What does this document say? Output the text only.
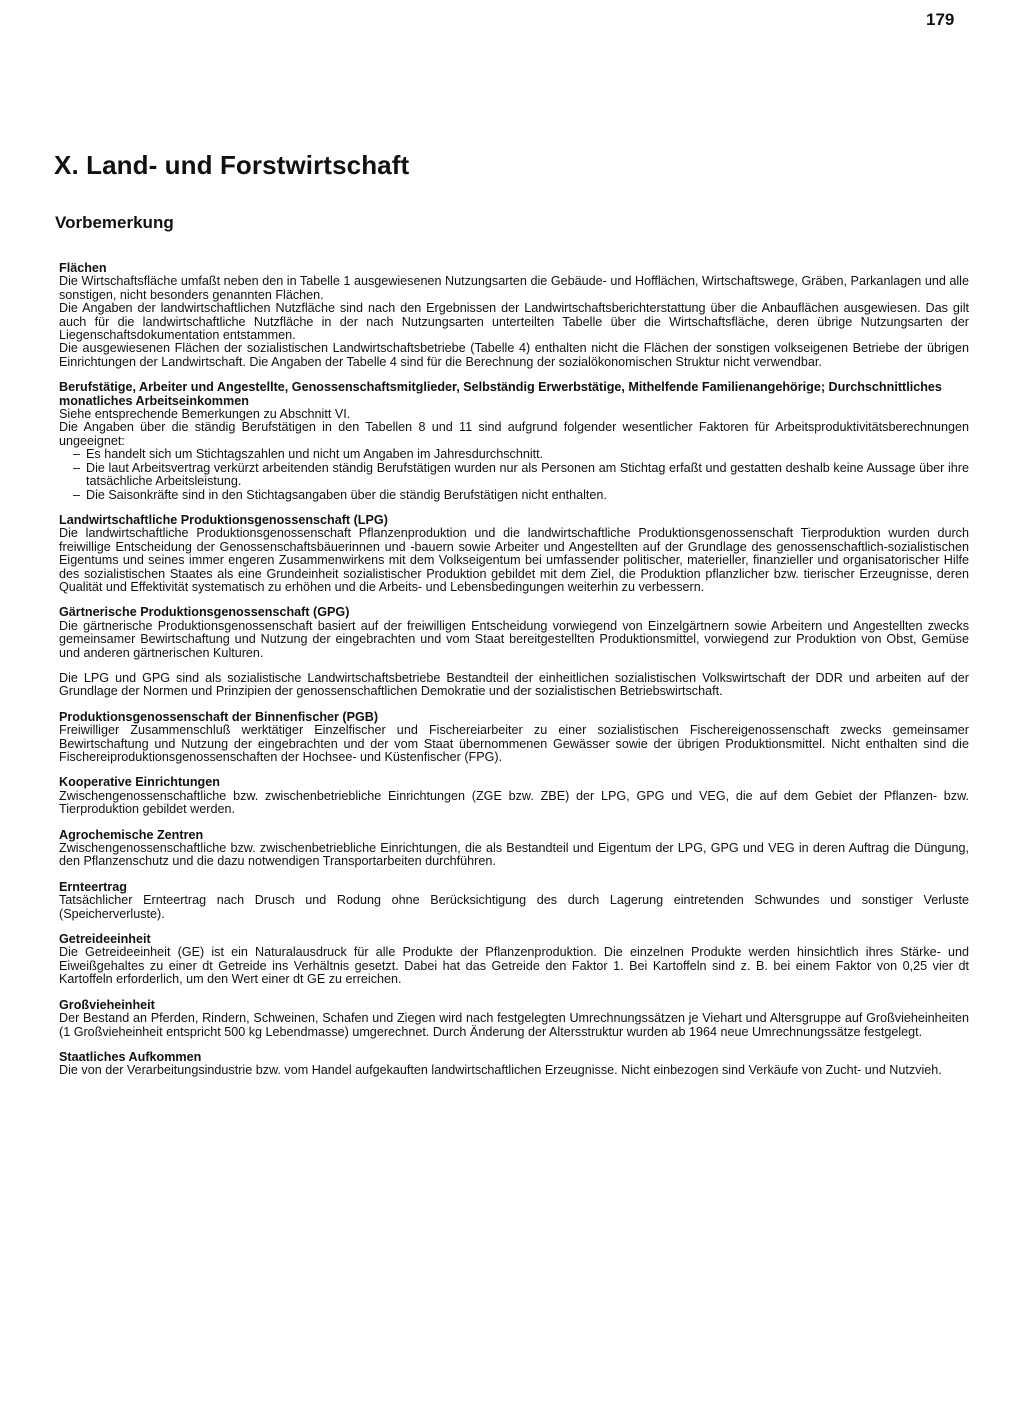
179
X. Land- und Forstwirtschaft
Vorbemerkung
Flächen

Die Wirtschaftsfläche umfaßt neben den in Tabelle 1 ausgewiesenen Nutzungsarten die Gebäude- und Hofflächen, Wirtschaftswege, Gräben, Parkanlagen und alle sonstigen, nicht besonders genannten Flächen.

Die Angaben der landwirtschaftlichen Nutzfläche sind nach den Ergebnissen der Landwirtschaftsberichterstattung über die Anbauflächen ausgewiesen. Das gilt auch für die landwirtschaftliche Nutzfläche in der nach Nutzungsarten unterteilten Tabelle über die Wirtschaftsfläche, deren übrige Nutzungsarten der Liegenschaftsdokumentation entstammen.

Die ausgewiesenen Flächen der sozialistischen Landwirtschaftsbetriebe (Tabelle 4) enthalten nicht die Flächen der sonstigen volkseigenen Betriebe der übrigen Einrichtungen der Landwirtschaft. Die Angaben der Tabelle 4 sind für die Berechnung der sozialökonomischen Struktur nicht verwendbar.

Berufstätige, Arbeiter und Angestellte, Genossenschaftsmitglieder, Selbständig Erwerbstätige, Mithelfende Familienangehörige; Durchschnittliches monatliches Arbeitseinkommen

Siehe entsprechende Bemerkungen zu Abschnitt VI.

Die Angaben über die ständig Berufstätigen in den Tabellen 8 und 11 sind aufgrund folgender wesentlicher Faktoren für Arbeitsproduktivitätsberechnungen ungeeignet:

– Es handelt sich um Stichtagszahlen und nicht um Angaben im Jahresdurchschnitt.
– Die laut Arbeitsvertrag verkürzt arbeitenden ständig Berufstätigen wurden nur als Personen am Stichtag erfaßt und gestatten deshalb keine Aussage über ihre tatsächliche Arbeitsleistung.
– Die Saisonkräfte sind in den Stichtagsangaben über die ständig Berufstätigen nicht enthalten.
Landwirtschaftliche Produktionsgenossenschaft (LPG)

Die landwirtschaftliche Produktionsgenossenschaft Pflanzenproduktion und die landwirtschaftliche Produktionsgenossenschaft Tierproduktion wurden durch freiwillige Entscheidung der Genossenschaftsbäuerinnen und -bauern sowie Arbeiter und Angestellten auf der Grundlage des genossenschaftlich-sozialistischen Eigentums und seines immer engeren Zusammenwirkens mit dem Volkseigentum bei umfassender politischer, materieller, finanzieller und organisatorischer Hilfe des sozialistischen Staates als eine Grundeinheit sozialistischer Produktion gebildet mit dem Ziel, die Produktion pflanzlicher bzw. tierischer Erzeugnisse, deren Qualität und Effektivität systematisch zu erhöhen und die Arbeits- und Lebensbedingungen weiterhin zu verbessern.

Gärtnerische Produktionsgenossenschaft (GPG)

Die gärtnerische Produktionsgenossenschaft basiert auf der freiwilligen Entscheidung vorwiegend von Einzelgärtnern sowie Arbeitern und Angestellten zwecks gemeinsamer Bewirtschaftung und Nutzung der eingebrachten und vom Staat bereitgestellten Produktionsmittel, vorwiegend zur Produktion von Obst, Gemüse und anderen gärtnerischen Kulturen.

Die LPG und GPG sind als sozialistische Landwirtschaftsbetriebe Bestandteil der einheitlichen sozialistischen Volkswirtschaft der DDR und arbeiten auf der Grundlage der Normen und Prinzipien der genossenschaftlichen Demokratie und der sozialistischen Betriebswirtschaft.

Produktionsgenossenschaft der Binnenfischer (PGB)

Freiwilliger Zusammenschluß werktätiger Einzelfischer und Fischereiarbeiter zu einer sozialistischen Fischereigenossenschaft zwecks gemeinsamer Bewirtschaftung und Nutzung der eingebrachten und der vom Staat übernommenen Gewässer sowie der übrigen Produktionsmittel. Nicht enthalten sind die Fischereiproduktionsgenossenschaften der Hochsee- und Küstenfischer (FPG).

Kooperative Einrichtungen

Zwischengenossenschaftliche bzw. zwischenbetriebliche Einrichtungen (ZGE bzw. ZBE) der LPG, GPG und VEG, die auf dem Gebiet der Pflanzen- bzw. Tierproduktion gebildet werden.

Agrochemische Zentren

Zwischengenossenschaftliche bzw. zwischenbetriebliche Einrichtungen, die als Bestandteil und Eigentum der LPG, GPG und VEG in deren Auftrag die Düngung, den Pflanzenschutz und die dazu notwendigen Transportarbeiten durchführen.

Ernteertrag

Tatsächlicher Ernteertrag nach Drusch und Rodung ohne Berücksichtigung des durch Lagerung eintretenden Schwundes und sonstiger Verluste (Speicherverluste).

Getreideeinheit

Die Getreideeinheit (GE) ist ein Naturalausdruck für alle Produkte der Pflanzenproduktion. Die einzelnen Produkte werden hinsichtlich ihres Stärke- und Eiweißgehaltes zu einer dt Getreide ins Verhältnis gesetzt. Dabei hat das Getreide den Faktor 1. Bei Kartoffeln sind z. B. bei einem Faktor von 0,25 vier dt Kartoffeln erforderlich, um den Wert einer dt GE zu erreichen.

Großvieheinheit

Der Bestand an Pferden, Rindern, Schweinen, Schafen und Ziegen wird nach festgelegten Umrechnungssätzen je Viehart und Altersgruppe auf Großvieheinheiten (1 Großvieheinheit entspricht 500 kg Lebendmasse) umgerechnet. Durch Änderung der Altersstruktur wurden ab 1964 neue Umrechnungssätze festgelegt.

Staatliches Aufkommen

Die von der Verarbeitungsindustrie bzw. vom Handel aufgekauften landwirtschaftlichen Erzeugnisse. Nicht einbezogen sind Verkäufe von Zucht- und Nutzvieh.
